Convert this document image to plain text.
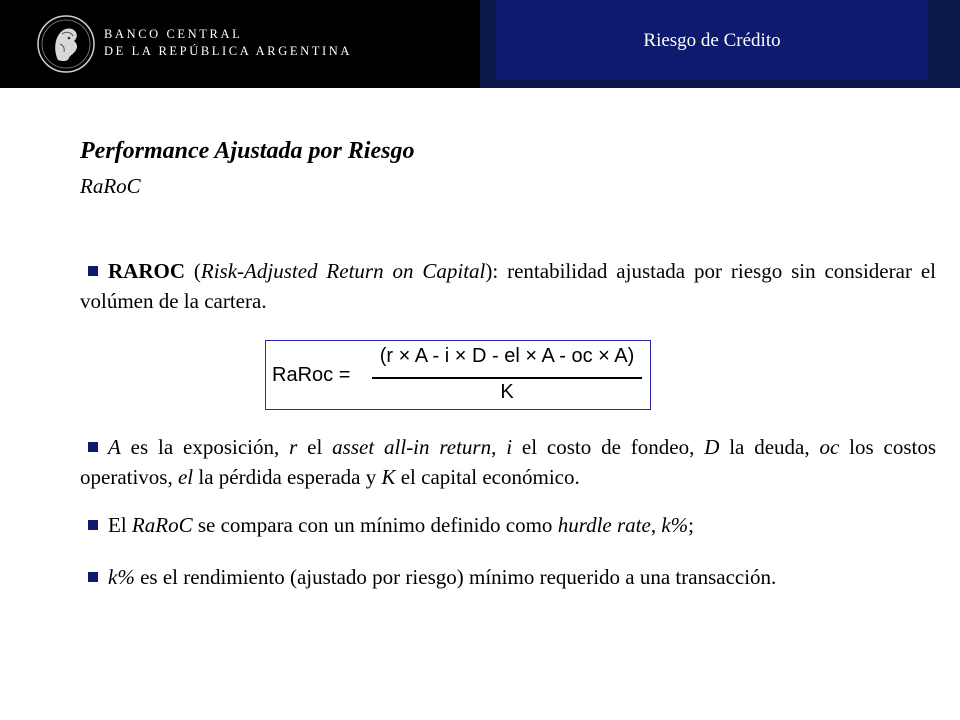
BANCO CENTRAL
DE LA REPÚBLICA ARGENTINA	Riesgo de Crédito
Performance Ajustada por Riesgo
RaRoC

RAROC (Risk-Adjusted Return on Capital): rentabilidad ajustada por riesgo sin considerar el volúmen de la cartera.

RaRoc =
(r × A - i × D - el × A - oc × A)
K

A es la exposición, r el asset all-in return, i el costo de fondeo, D la deuda, oc los costos operativos, el la pérdida esperada y K el capital económico.

El RaRoC se compara con un mínimo definido como hurdle rate, k%;

k% es el rendimiento (ajustado por riesgo) mínimo requerido a una transacción.
